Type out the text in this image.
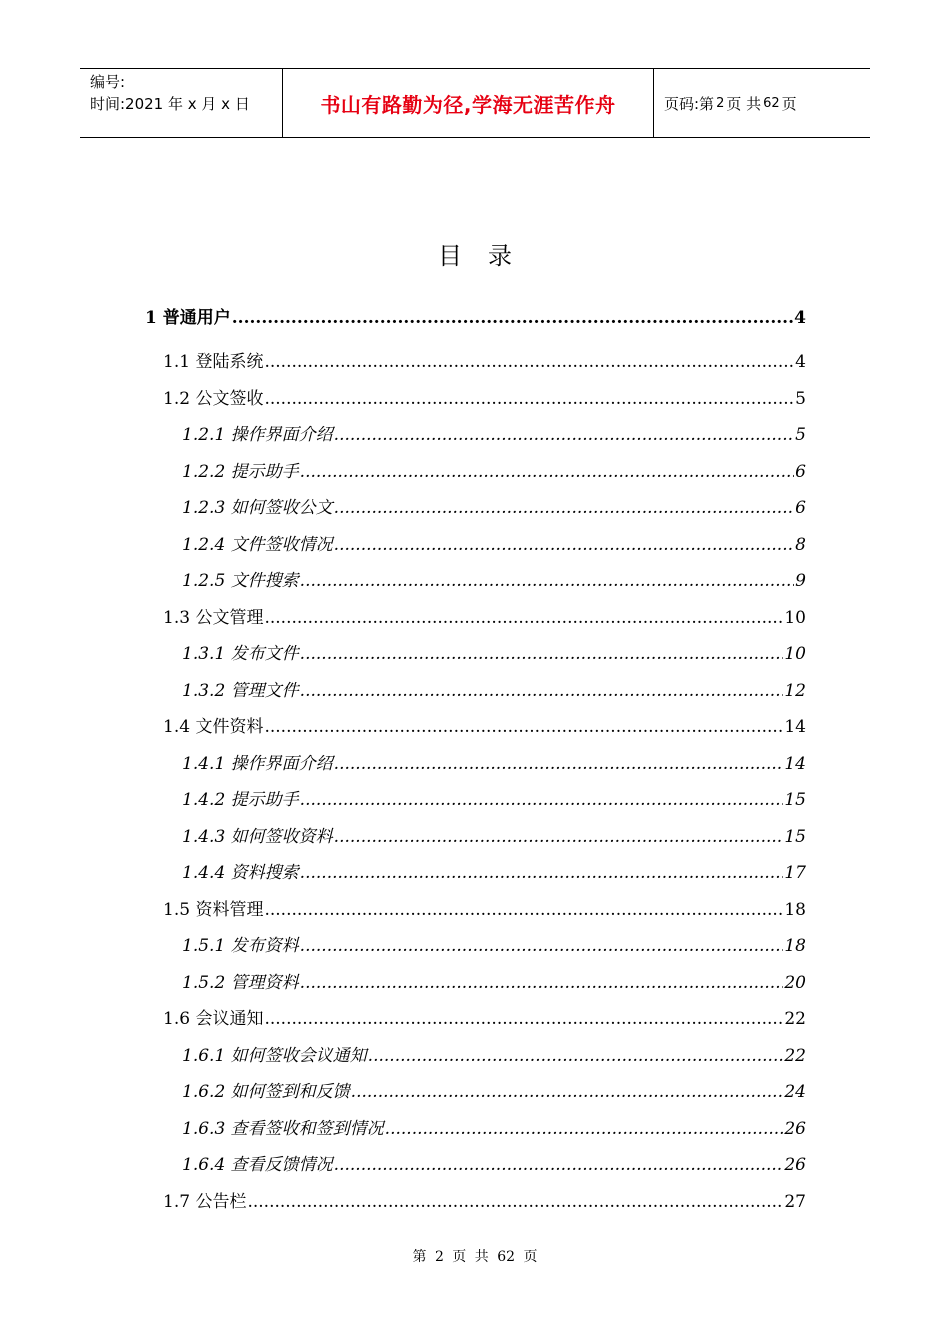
编号:
时间:2021 年 x 月 x 日	书山有路勤为径,学海无涯苦作舟	页码:第 2 页 共 62 页
目录
1 普通用户 .....	4
1.1 登陆系统 .....	4
1.2 公文签收 .....	5
1.2.1 操作界面介绍 .....	5
1.2.2 提示助手 .....	6
1.2.3 如何签收公文 .....	6
1.2.4 文件签收情况 .....	8
1.2.5 文件搜索 .....	9
1.3 公文管理 .....	10
1.3.1 发布文件 .....	10
1.3.2 管理文件 .....	12
1.4 文件资料 .....	14
1.4.1 操作界面介绍 .....	14
1.4.2 提示助手 .....	15
1.4.3 如何签收资料 .....	15
1.4.4 资料搜索 .....	17
1.5 资料管理 .....	18
1.5.1 发布资料 .....	18
1.5.2 管理资料 .....	20
1.6 会议通知 .....	22
1.6.1 如何签收会议通知 .....	22
1.6.2 如何签到和反馈 .....	24
1.6.3 查看签收和签到情况 .....	26
1.6.4 查看反馈情况 .....	26
1.7 公告栏 .....	27
第 2 页 共 62 页
